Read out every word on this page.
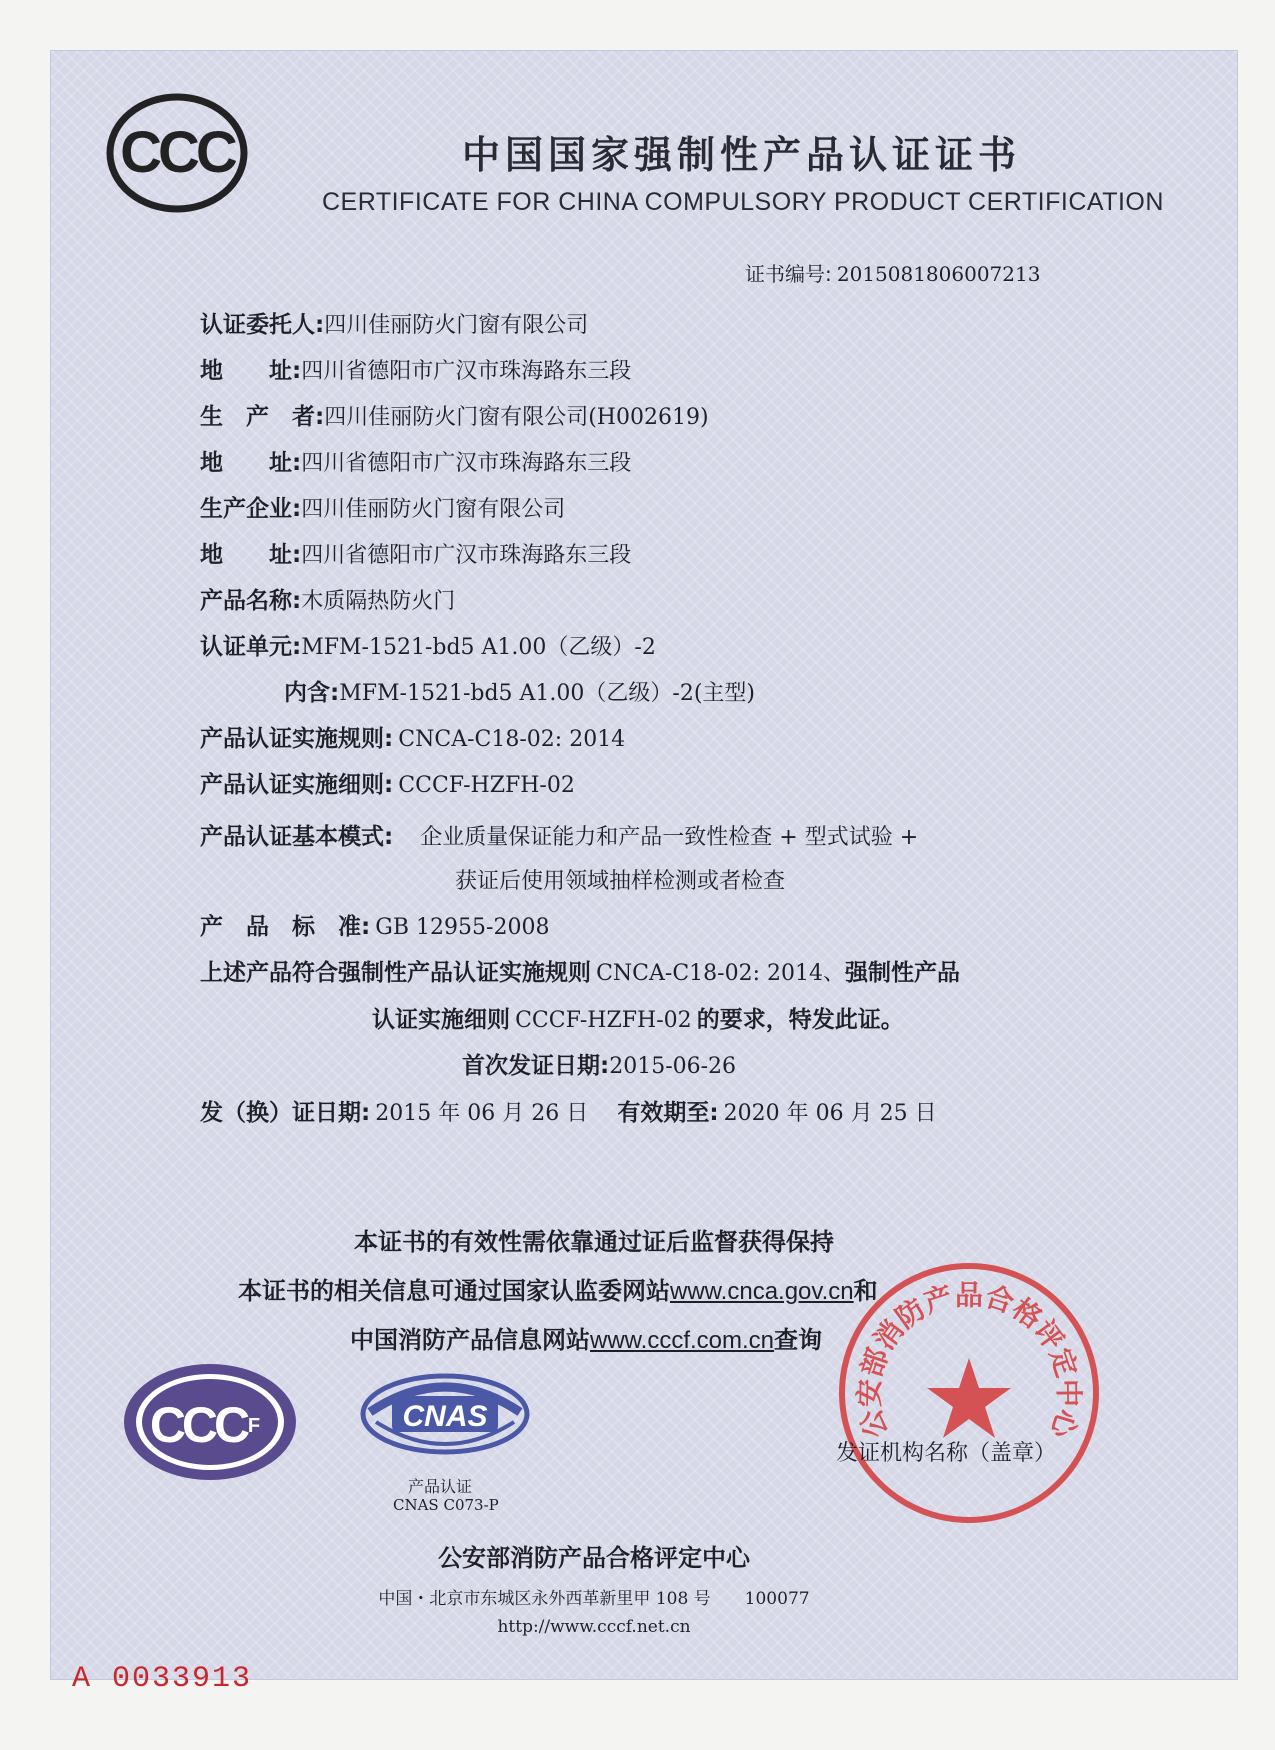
CCC	中国国家强制性产品认证证书
CERTIFICATE FOR CHINA COMPULSORY PRODUCT CERTIFICATION
证书编号: 2015081806007213
认证委托人:四川佳丽防火门窗有限公司
地　　址:四川省德阳市广汉市珠海路东三段
生　产　者:四川佳丽防火门窗有限公司(H002619)
地　　址:四川省德阳市广汉市珠海路东三段
生产企业:四川佳丽防火门窗有限公司
地　　址:四川省德阳市广汉市珠海路东三段
产品名称:木质隔热防火门
认证单元:MFM-1521-bd5 A1.00（乙级）-2
内含:MFM-1521-bd5 A1.00（乙级）-2(主型)
产品认证实施规则: CNCA-C18-02: 2014
产品认证实施细则: CCCF-HZFH-02
产品认证基本模式: 企业质量保证能力和产品一致性检查 + 型式试验 +
获证后使用领域抽样检测或者检查
产　品　标　准: GB 12955-2008
上述产品符合强制性产品认证实施规则 CNCA-C18-02: 2014、强制性产品
认证实施细则 CCCF-HZFH-02 的要求，特发此证。
首次发证日期:2015-06-26
发（换）证日期: 2015 年 06 月 26 日 有效期至: 2020 年 06 月 25 日
本证书的有效性需依靠通过证后监督获得保持
本证书的相关信息可通过国家认监委网站www.cnca.gov.cn和
中国消防产品信息网站www.cccf.com.cn查询
CCC F	CNAS
产品认证
CNAS C073-P
公安部消防产品合格评定中心
发证机构名称（盖章）
公安部消防产品合格评定中心
中国・北京市东城区永外西革新里甲 108 号　　100077
http://www.cccf.net.cn
A 0033913
